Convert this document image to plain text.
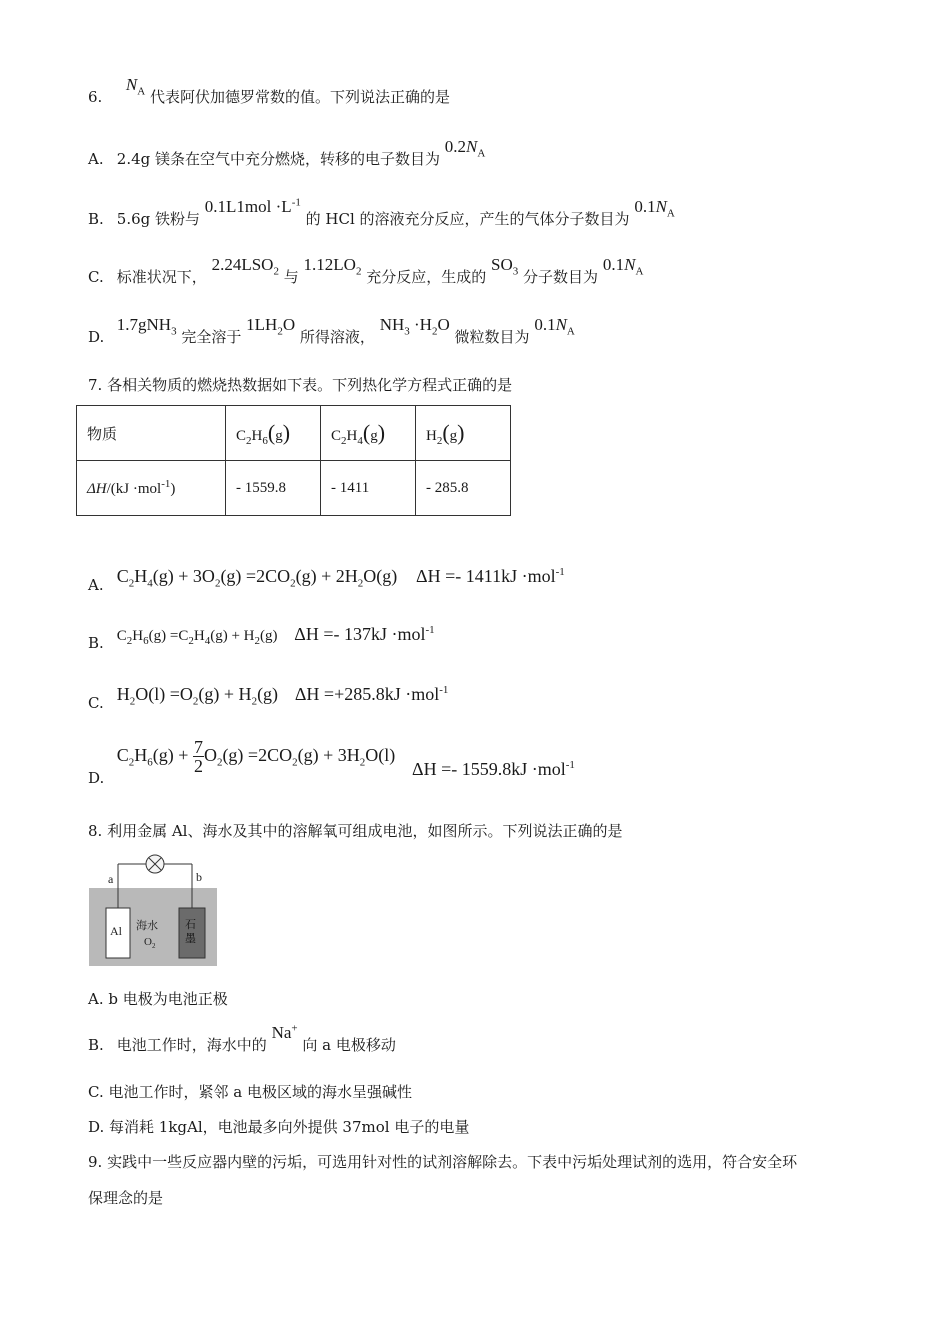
6.  $N_A$ 代表阿伏加德罗常数的值。下列说法正确的是
A. 2.4g 镁条在空气中充分燃烧，转移的电子数目为 $0.2N_A$
B. 5.6g 铁粉与 $0.1L1mol \cdot L^{-1}$ 的 HCl 的溶液充分反应，产生的气体分子数目为 $0.1N_A$
C. 标准状况下， $2.24LSO_2$ 与 $1.12LO_2$ 充分反应，生成的 $SO_3$ 分子数目为 $0.1N_A$
D. 1.7gNH$_3$ 完全溶于 $1LH_2O$ 所得溶液， $NH_3 \cdot H_2O$ 微粒数目为 $0.1N_A$
7. 各相关物质的燃烧热数据如下表。下列热化学方程式正确的是
物质	$C_2H_6(g)$	$C_2H_4(g)$	$H_2(g)$
ΔH/(kJ ·mol$^{-1}$)	- 1559.8	- 1411	- 285.8
A. $C_2H_4(g) + 3O_2(g) =2CO_2(g) + 2H_2O(g) \Delta H =- 1411kJ \cdot mol^{-1}$
B. $C_2H_6(g) =C_2H_4(g) + H_2(g) \Delta H =- 137kJ \cdot mol^{-1}$
C. $H_2O(l) =O_2(g) + H_2(g)$ ΔH =+285.8kJ ·mol$^{-1}$
D. $C_2H_6(g) + \frac{7}{2} O_2(g) =2CO_2(g) + 3H_2O(l) \Delta H =- 1559.8kJ \cdot mol^{-1}$
8. 利用金属 Al、海水及其中的溶解氧可组成电池，如图所示。下列说法正确的是
a	b
Al	石
墨
海水
$O_2$
A. b 电极为电池正极
B. 电池工作时，海水中的 Na+ 向 a 电极移动
C. 电池工作时，紧邻 a 电极区域的海水呈强碱性
D. 每消耗 1kgAl，电池最多向外提供 37mol 电子的电量
9. 实践中一些反应器内壁的污垢，可选用针对性的试剂溶解除去。下表中污垢处理试剂的选用，符合安全环
保理念的是
